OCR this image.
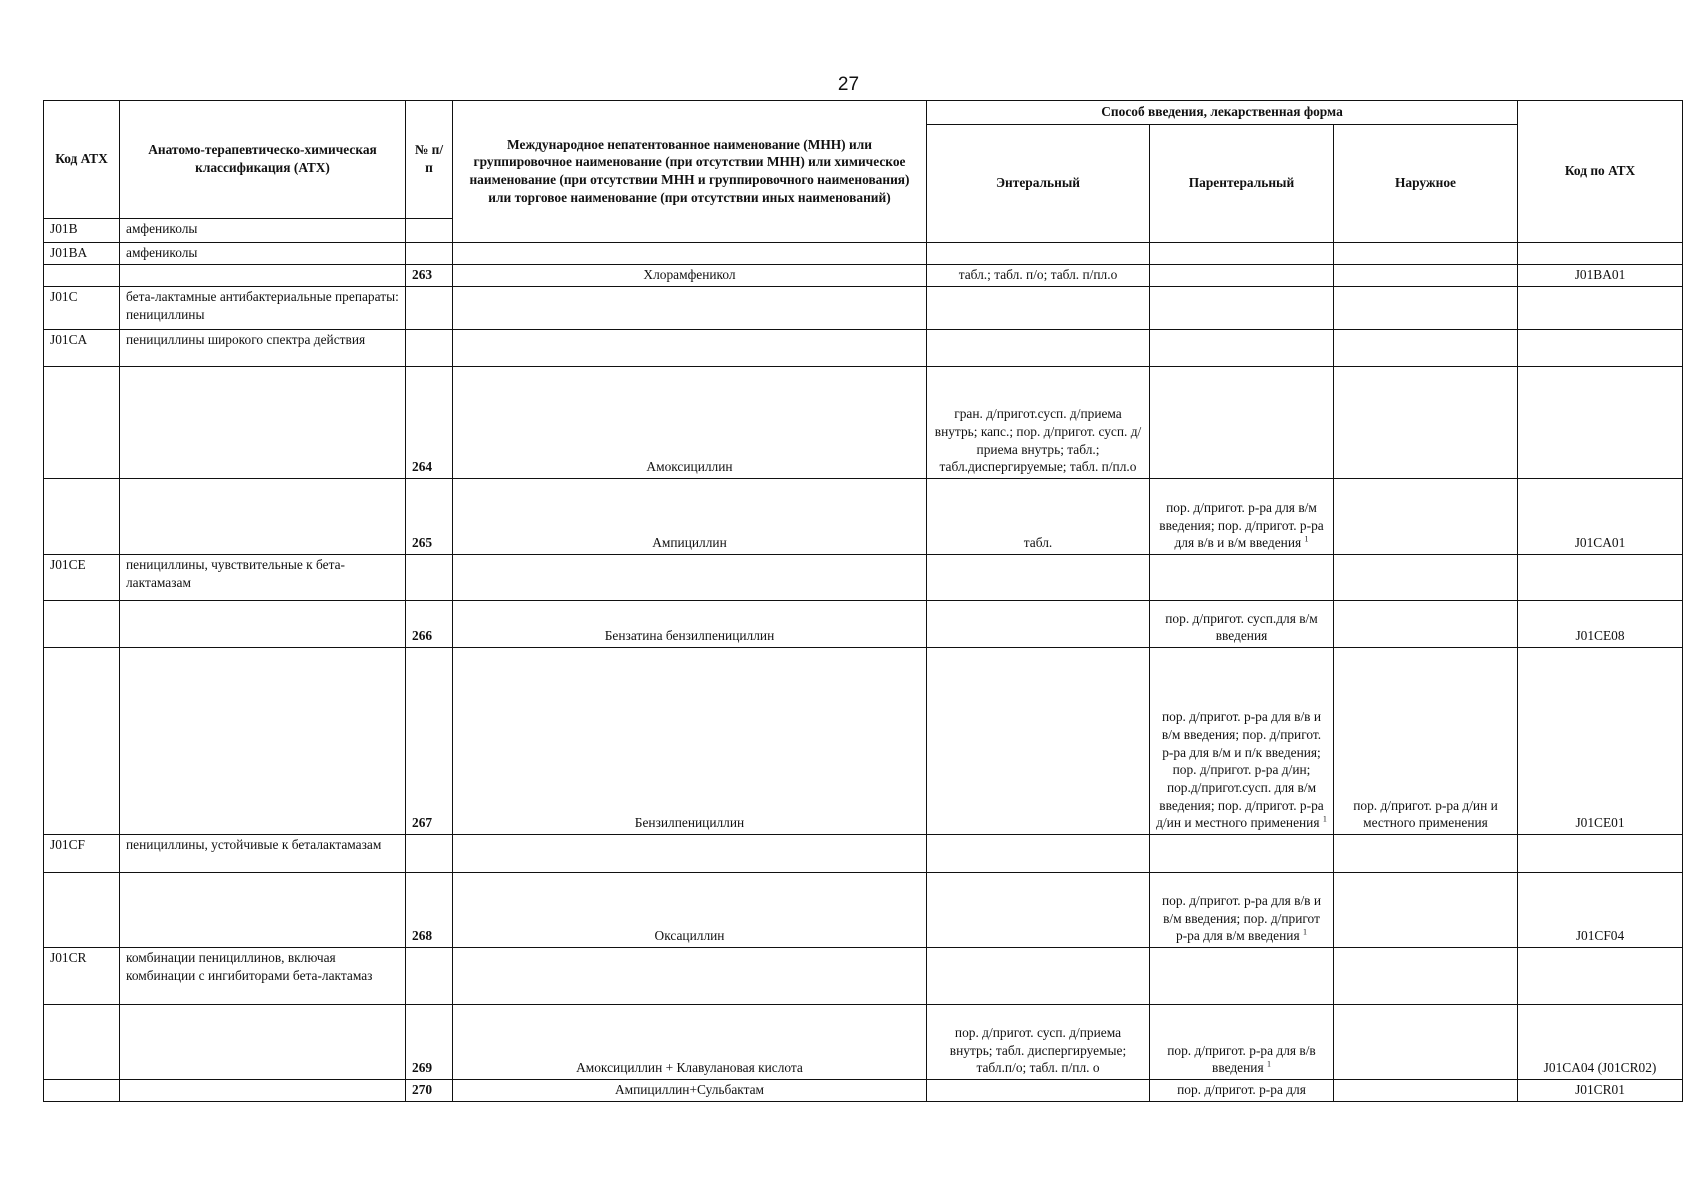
27
Код АТХ	Анатомо-терапевтическо-химическая классификация (АТХ)	№ п/п	Международное непатентованное наименование (МНН) или группировочное наименование (при отсутствии МНН) или химическое наименование (при отсутствии МНН и группировочного наименования) или торговое наименование (при отсутствии иных наименований)	Способ введения, лекарственная форма			Код по АТХ
				Энтеральный	Парентеральный	Наружное	
J01B	амфениколы						
J01BA	амфениколы						
		263	Хлорамфеникол	табл.; табл. п/о; табл. п/пл.о			J01BA01
J01C	бета-лактамные антибактериальные препараты: пенициллины						
J01CA	пенициллины широкого спектра действия						
		264	Амоксициллин	гран. д/пригот.сусп. д/приема внутрь; капс.; пор. д/пригот. сусп. д/приема внутрь; табл.; табл.диспергируемые; табл. п/пл.о			
		265	Ампициллин	табл.	пор. д/пригот. р-ра для в/м введения; пор. д/пригот. р-ра для в/в и в/м введения $^1$		J01CA01
J01CE	пенициллины, чувствительные к бета-лактамазам						
		266	Бензатина бензилпенициллин		пор. д/пригот. сусп.для в/м введения		J01CE08
		267	Бензилпенициллин		пор. д/пригот. р-ра для в/в и в/м введения; пор. д/пригот. р-ра для в/м и п/к введения; пор. д/пригот. р-ра д/ин; пор.д/пригот.сусп. для в/м введения; пор. д/пригот. р-ра д/ин и местного применения $^1$	пор. д/пригот. р-ра д/ин и местного применения	J01CE01
J01CF	пенициллины, устойчивые к беталактамазам						
		268	Оксациллин		пор. д/пригот. р-ра для в/в и в/м введения; пор. д/пригот р-ра для в/м введения $^1$		J01CF04
J01CR	комбинации пенициллинов, включая комбинации с ингибиторами бета-лактамаз						
		269	Амоксициллин + Клавулановая кислота	пор. д/пригот. сусп. д/приема внутрь; табл. диспергируемые; табл.п/о; табл. п/пл. о	пор. д/пригот. р-ра для в/в введения $^1$		J01CA04 (J01CR02)
		270	Ампициллин+Сульбактам		пор. д/пригот. р-ра для		J01CR01
